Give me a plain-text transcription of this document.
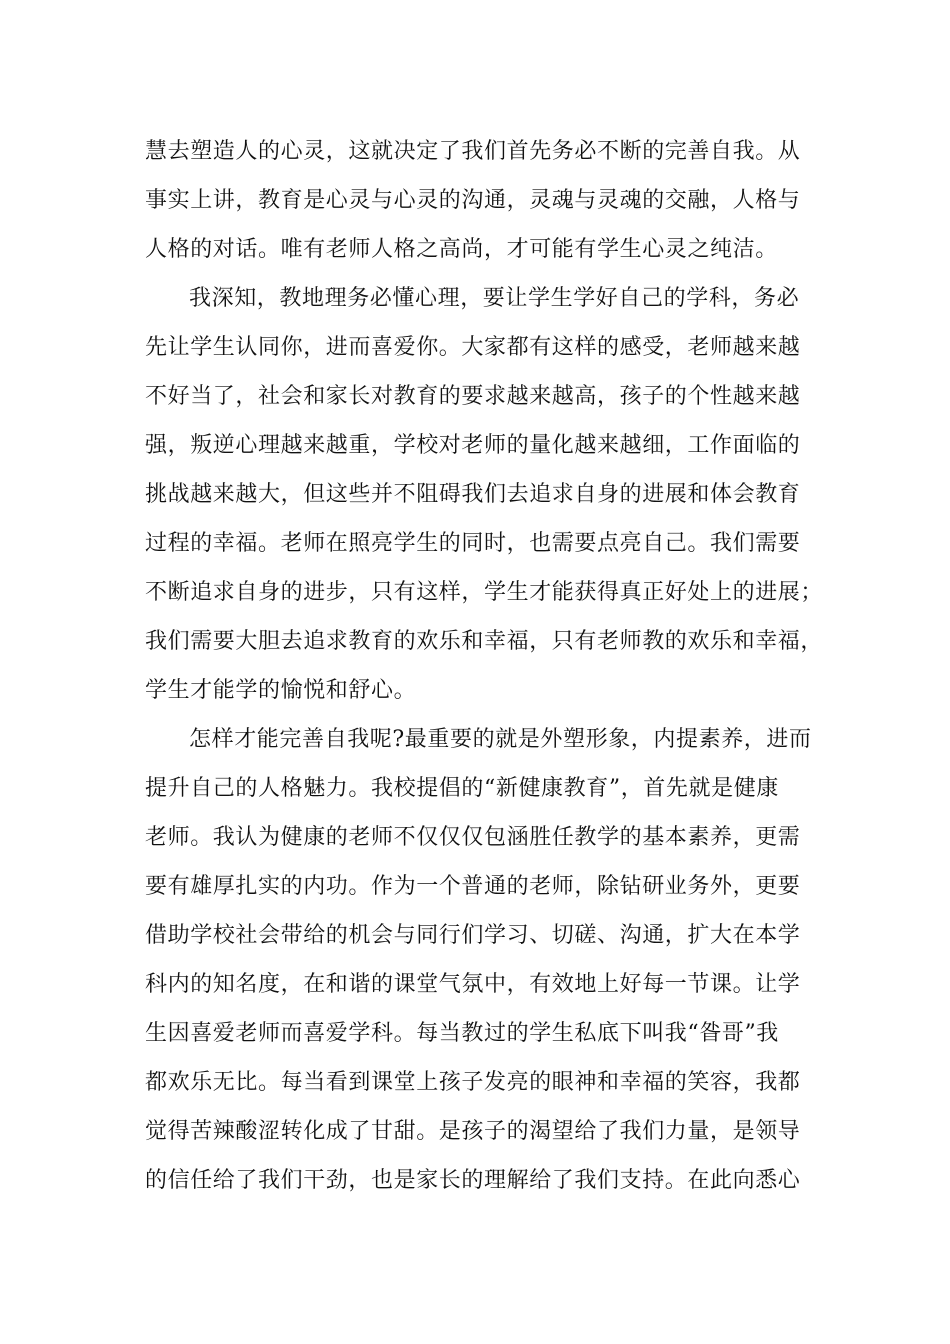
慧去塑造人的心灵，这就决定了我们首先务必不断的完善自我。从
事实上讲，教育是心灵与心灵的沟通，灵魂与灵魂的交融，人格与
人格的对话。唯有老师人格之高尚，才可能有学生心灵之纯洁。
我深知，教地理务必懂心理，要让学生学好自己的学科，务必
先让学生认同你，进而喜爱你。大家都有这样的感受，老师越来越
不好当了，社会和家长对教育的要求越来越高，孩子的个性越来越
强，叛逆心理越来越重，学校对老师的量化越来越细，工作面临的
挑战越来越大，但这些并不阻碍我们去追求自身的进展和体会教育
过程的幸福。老师在照亮学生的同时，也需要点亮自己。我们需要
不断追求自身的进步，只有这样，学生才能获得真正好处上的进展；
我们需要大胆去追求教育的欢乐和幸福，只有老师教的欢乐和幸福，
学生才能学的愉悦和舒心。
怎样才能完善自我呢?最重要的就是外塑形象，内提素养，进而
提升自己的人格魅力。我校提倡的“新健康教育”，首先就是健康
老师。我认为健康的老师不仅仅仅包涵胜任教学的基本素养，更需
要有雄厚扎实的内功。作为一个普通的老师，除钻研业务外，更要
借助学校社会带给的机会与同行们学习、切磋、沟通，扩大在本学
科内的知名度，在和谐的课堂气氛中，有效地上好每一节课。让学
生因喜爱老师而喜爱学科。每当教过的学生私底下叫我“昝哥”我
都欢乐无比。每当看到课堂上孩子发亮的眼神和幸福的笑容，我都
觉得苦辣酸涩转化成了甘甜。是孩子的渴望给了我们力量，是领导
的信任给了我们干劲，也是家长的理解给了我们支持。在此向悉心
